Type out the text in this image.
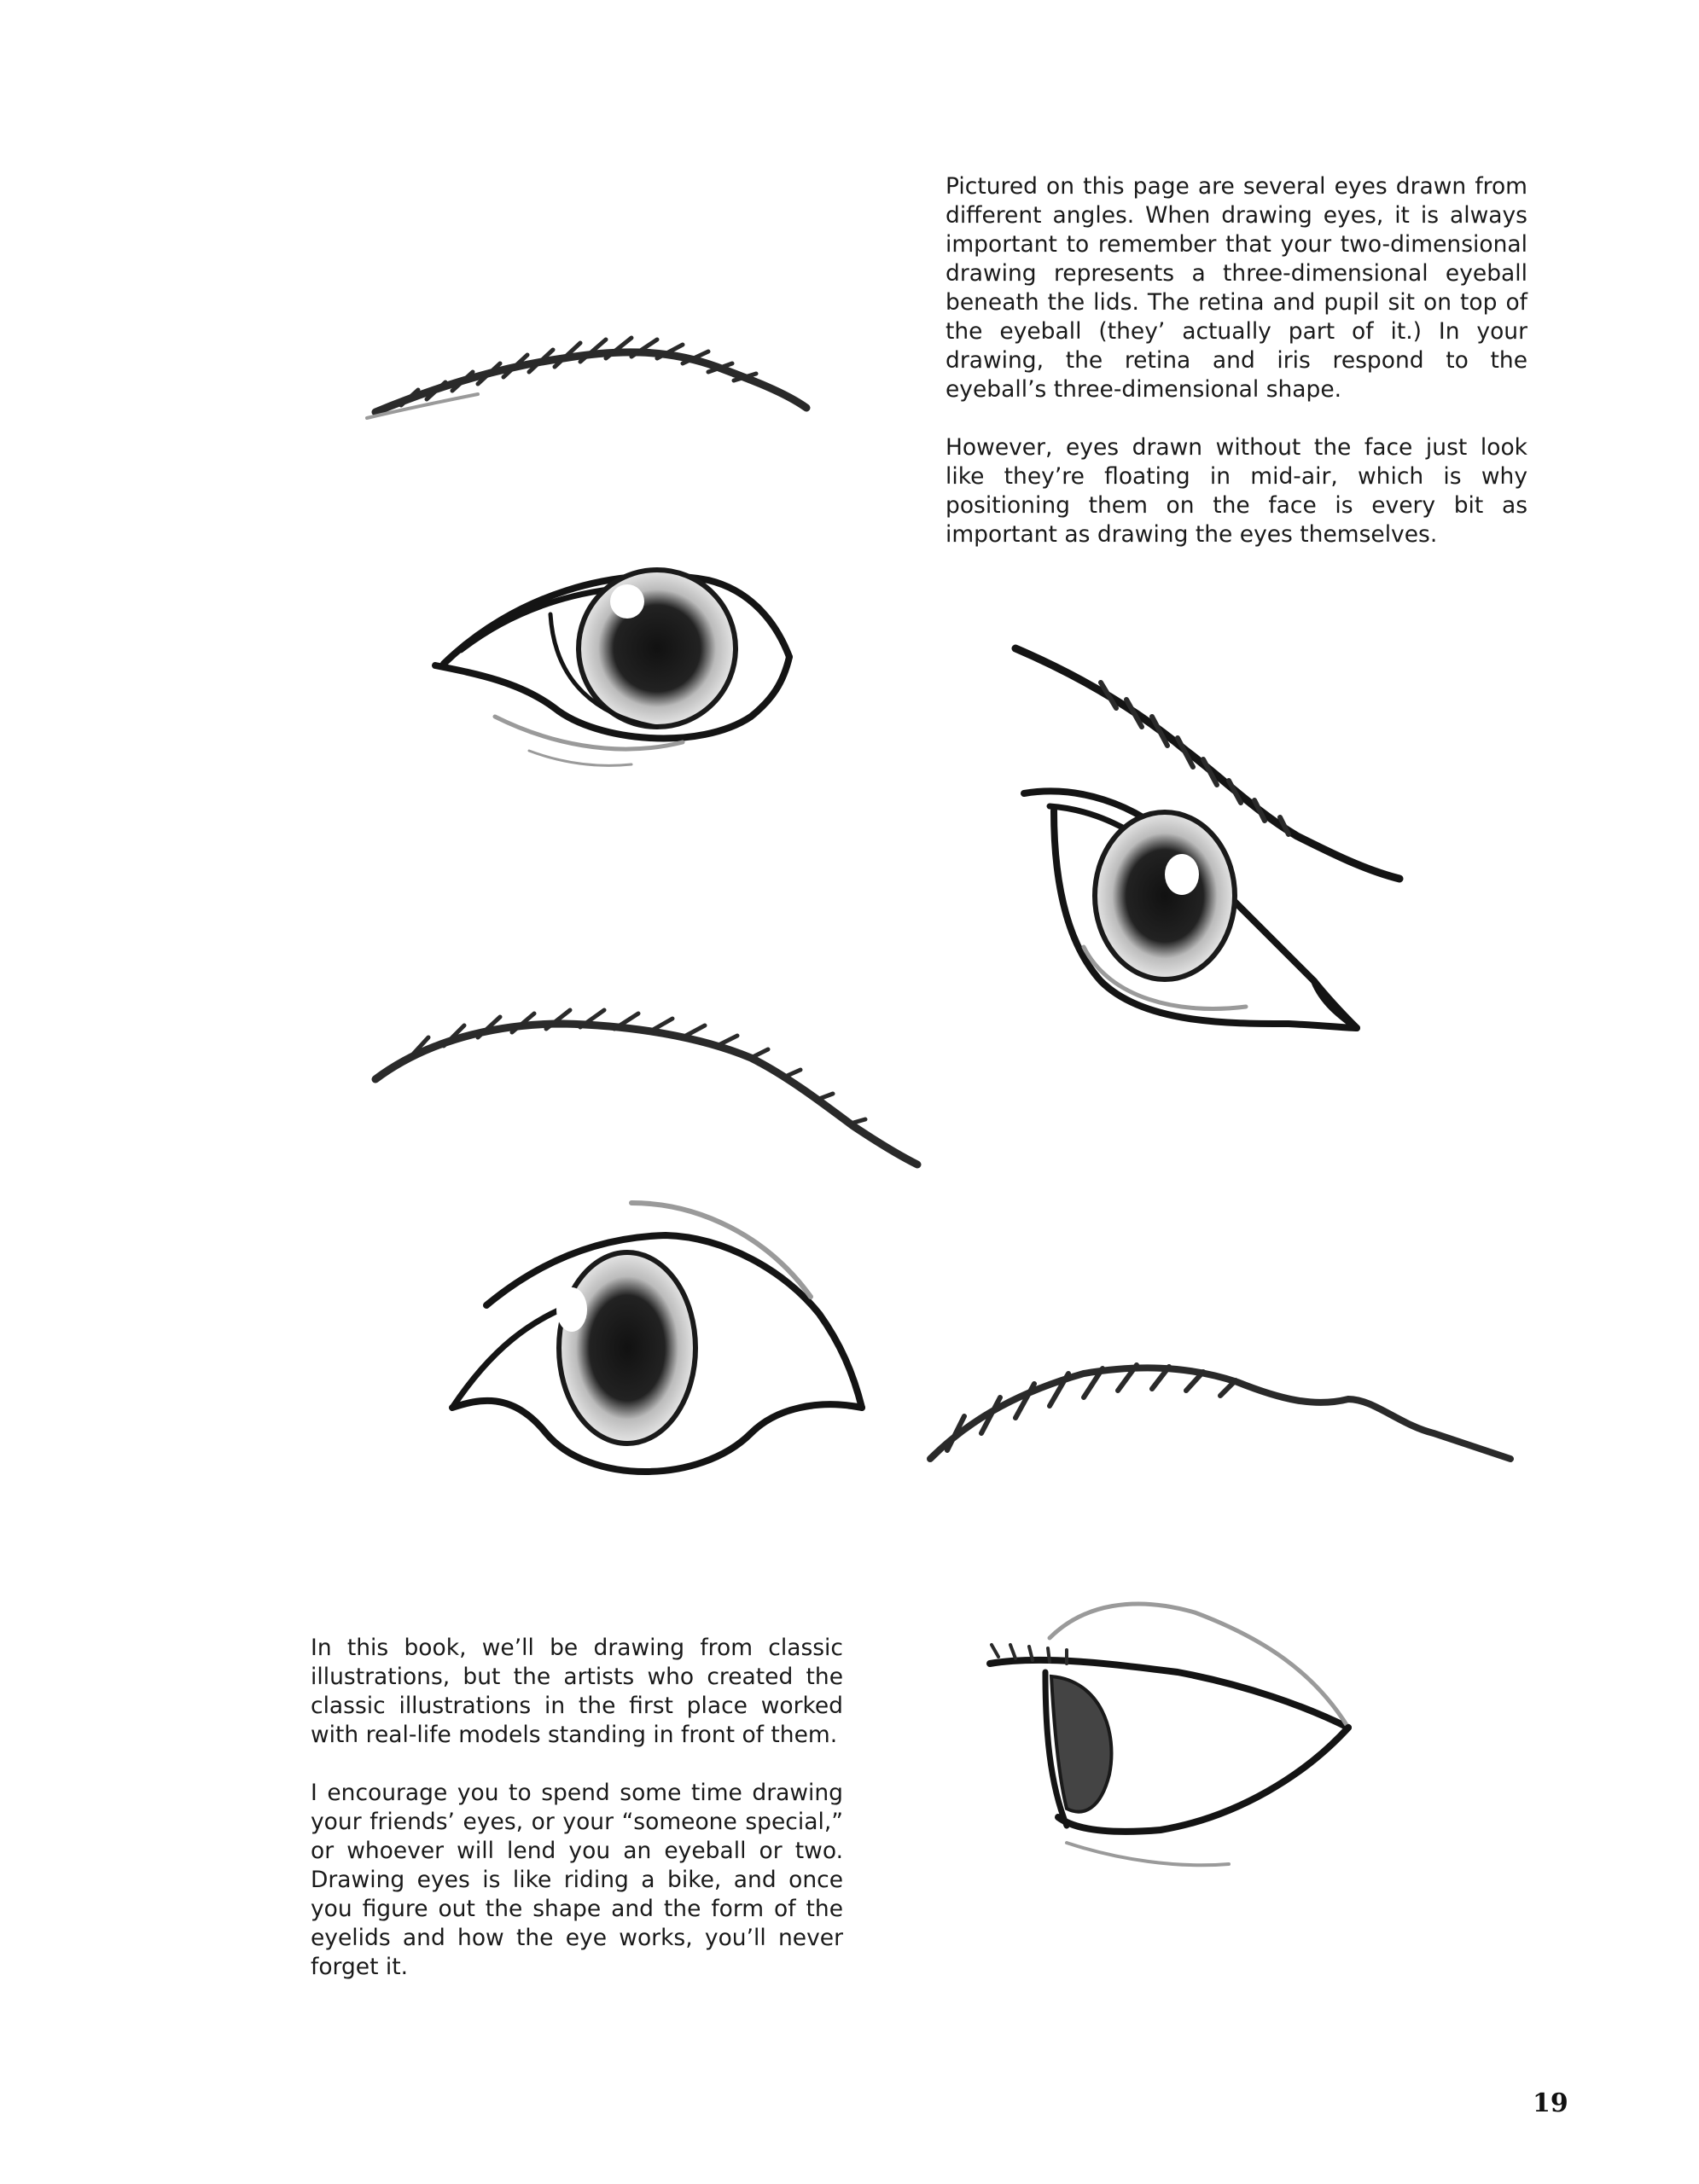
Pictured on this page are several eyes drawn from different angles. When drawing eyes, it is always important to remember that your two-dimensional drawing represents a three-dimensional eyeball beneath the lids. The retina and pupil sit on top of the eyeball (they’ actually part of it.) In your drawing, the retina and iris respond to the eyeball’s three-dimensional shape.

However, eyes drawn without the face just look like they’re floating in mid-air, which is why positioning them on the face is every bit as important as drawing the eyes themselves.

In this book, we’ll be drawing from classic illustrations, but the artists who created the classic illustrations in the first place worked with real-life models standing in front of them.

I encourage you to spend some time drawing your friends’ eyes, or your “someone special,” or whoever will lend you an eyeball or two. Drawing eyes is like riding a bike, and once you figure out the shape and the form of the eyelids and how the eye works, you’ll never forget it.

19
